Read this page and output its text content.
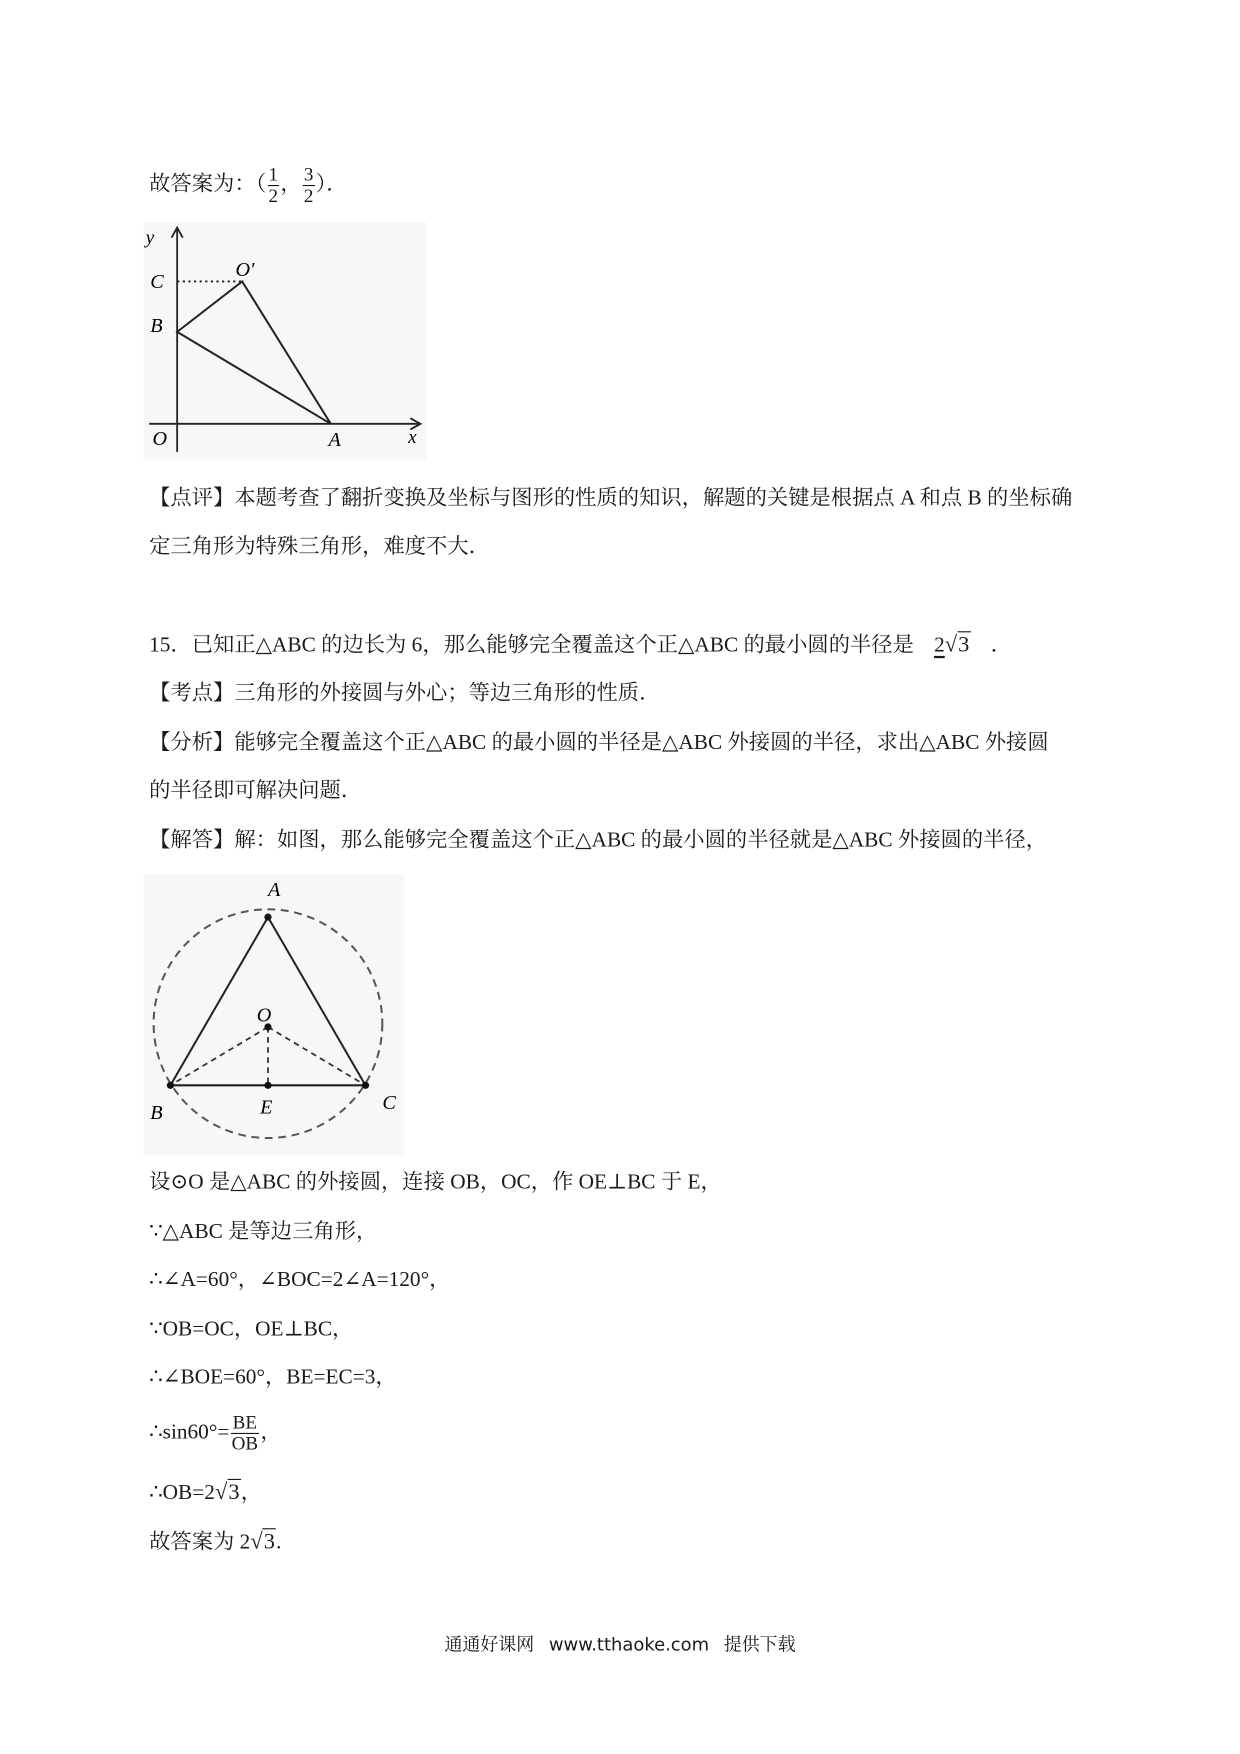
故答案为：（ $\frac{1}{2}$ ， $\frac{3}{2}$ ）．
y
x
C
O′
B
O	A
【点评】本题考查了翻折变换及坐标与图形的性质的知识，解题的关键是根据点 A 和点 B 的坐标确
定三角形为特殊三角形，难度不大．
15．已知正△ABC 的边长为 6，那么能够完全覆盖这个正△ABC 的最小圆的半径是 2√3 ．
【考点】三角形的外接圆与外心；等边三角形的性质．
【分析】能够完全覆盖这个正△ABC 的最小圆的半径是△ABC 外接圆的半径，求出△ABC 外接圆
的半径即可解决问题．
【解答】解：如图，那么能够完全覆盖这个正△ABC 的最小圆的半径就是△ABC 外接圆的半径，
A
O
B	E	C
设⊙O 是△ABC 的外接圆，连接 OB，OC，作 OE⊥BC 于 E，
∵△ABC 是等边三角形，
∴∠A=60°，∠BOC=2∠A=120°，
∵OB=OC，OE⊥BC，
∴∠BOE=60°，BE=EC=3，
∴sin60°= $\frac{BE}{OB}$ ，
∴OB=2√3，
故答案为 2√3.
通通好课网 www.tthaoke.com 提供下载
